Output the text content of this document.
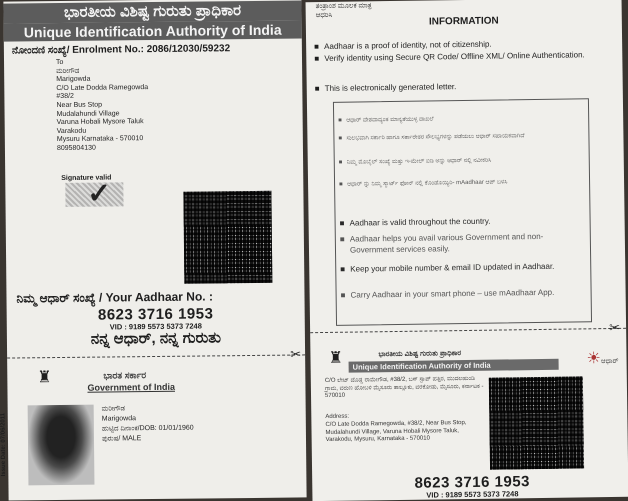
ಭಾರತೀಯ ವಿಶಿಷ್ಟ ಗುರುತು ಪ್ರಾಧಿಕಾರ
Unique Identification Authority of India
ನೋಂದಣಿ ಸಂಖ್ಯೆ/ Enrolment No.: 2086/12030/59232
To
ಮರೀಗೌಡ
Marigowda
C/O Late Dodda Ramegowda
#38/2
Near Bus Stop
Mudalahundi Village
Varuna Hobali Mysore Taluk
Varakodu
Mysuru Karnataka - 570010
8095804130
Signature valid
✓
ನಿಮ್ಮ ಆಧಾರ್ ಸಂಖ್ಯೆ / Your Aadhaar No. :
8623 3716 1953
VID : 9189 5573 5373 7248
ನನ್ನ ಆಧಾರ್, ನನ್ನ ಗುರುತು
✂
♜	ಭಾರತ ಸರ್ಕಾರ
Government of India
ಮರೀಗೌಡ
Marigowda
ಹುಟ್ಟಿದ ದಿನಾಂಕ/DOB: 01/01/1960
ಪುರುಷ/ MALE
Issue Date: 07/06/2011
ತಂತ್ರಾಂಶ ಮೂಲಕ ಮಾತ್ರ
ಆಧರಿಸಿ
INFORMATION
■ Aadhaar is a proof of identity, not of citizenship.
■ Verify identity using Secure QR Code/ Offline XML/ Online Authentication.
■ This is electronically generated letter.
■ ಆಧಾರ್ ದೇಶದಾದ್ಯಂತ ಮಾನ್ಯತೆಯುಳ್ಳ ದಾಖಲೆ
■ ಸುಲಭವಾಗಿ ಸರ್ಕಾರಿ ಹಾಗೂ ಸರ್ಕಾರೇತರ ಸೌಲಭ್ಯಗಳನ್ನು ಪಡೆಯಲು ಆಧಾರ್ ಸಹಾಯಕವಾಗಿದೆ
■ ನಿಮ್ಮ ಮೊಬೈಲ್ ಸಂಖ್ಯೆ ಮತ್ತು ಇ-ಮೇಲ್ ಐಡಿ ಅನ್ನು ಆಧಾರ್ ನಲ್ಲಿ ನವೀಕರಿಸಿ
■ ಆಧಾರ್ ನ್ನು ನಿಮ್ಮ ಸ್ಮಾರ್ಟ್ ಫೋನ್ ನಲ್ಲಿ ಕೊಂಡೊಯ್ಯಿರಿ- mAadhaar ಆಪ್ ಬಳಸಿ
■ Aadhaar is valid throughout the country.
■ Aadhaar helps you avail various Government and non-Government services easily.
■ Keep your mobile number & email ID updated in Aadhaar.
■ Carry Aadhaar in your smart phone – use mAadhaar App.
✂
♜	ಭಾರತೀಯ ವಿಶಿಷ್ಟ ಗುರುತು ಪ್ರಾಧಿಕಾರ
Unique Identification Authority of India	☀ಆಧಾರ್
C/O ಲೇಟ್ ದೊಡ್ಡ ರಾಮೇಗೌಡ, #38/2, ಬಸ್ ಸ್ಟಾಪ್ ಹತ್ತಿರ, ಮುದಲಹುಂಡಿ ಗ್ರಾಮ, ವರುಣ ಹೋಬಳಿ ಮೈಸೂರು ತಾಲ್ಲೂಕು, ವರಕೋಡು, ಮೈಸೂರು, ಕರ್ನಾಟಕ - 570010
Address:
C/O Late Dodda Ramegowda, #38/2, Near Bus Stop, Mudalahundi Village, Varuna Hobali Mysore Taluk, Varakodu, Mysuru, Karnataka - 570010
8623 3716 1953
VID : 9189 5573 5373 7248
